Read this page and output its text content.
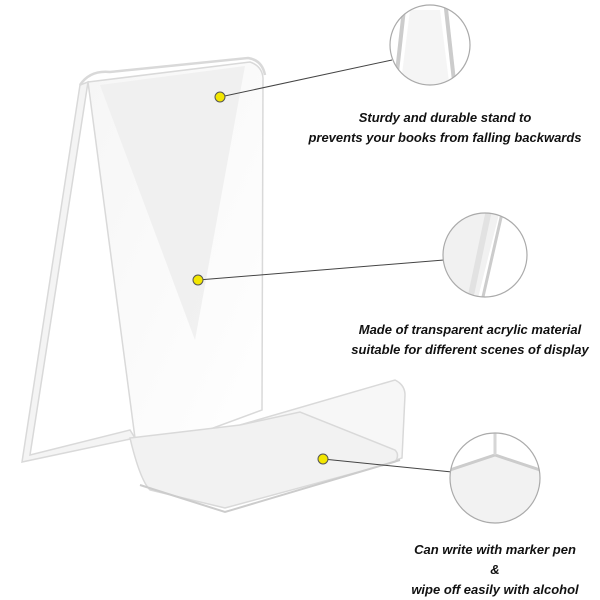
Sturdy and durable stand to
prevents your books from falling backwards
Made of transparent acrylic material
suitable for different scenes of display
Can write with marker pen
&
wipe off easily with alcohol
